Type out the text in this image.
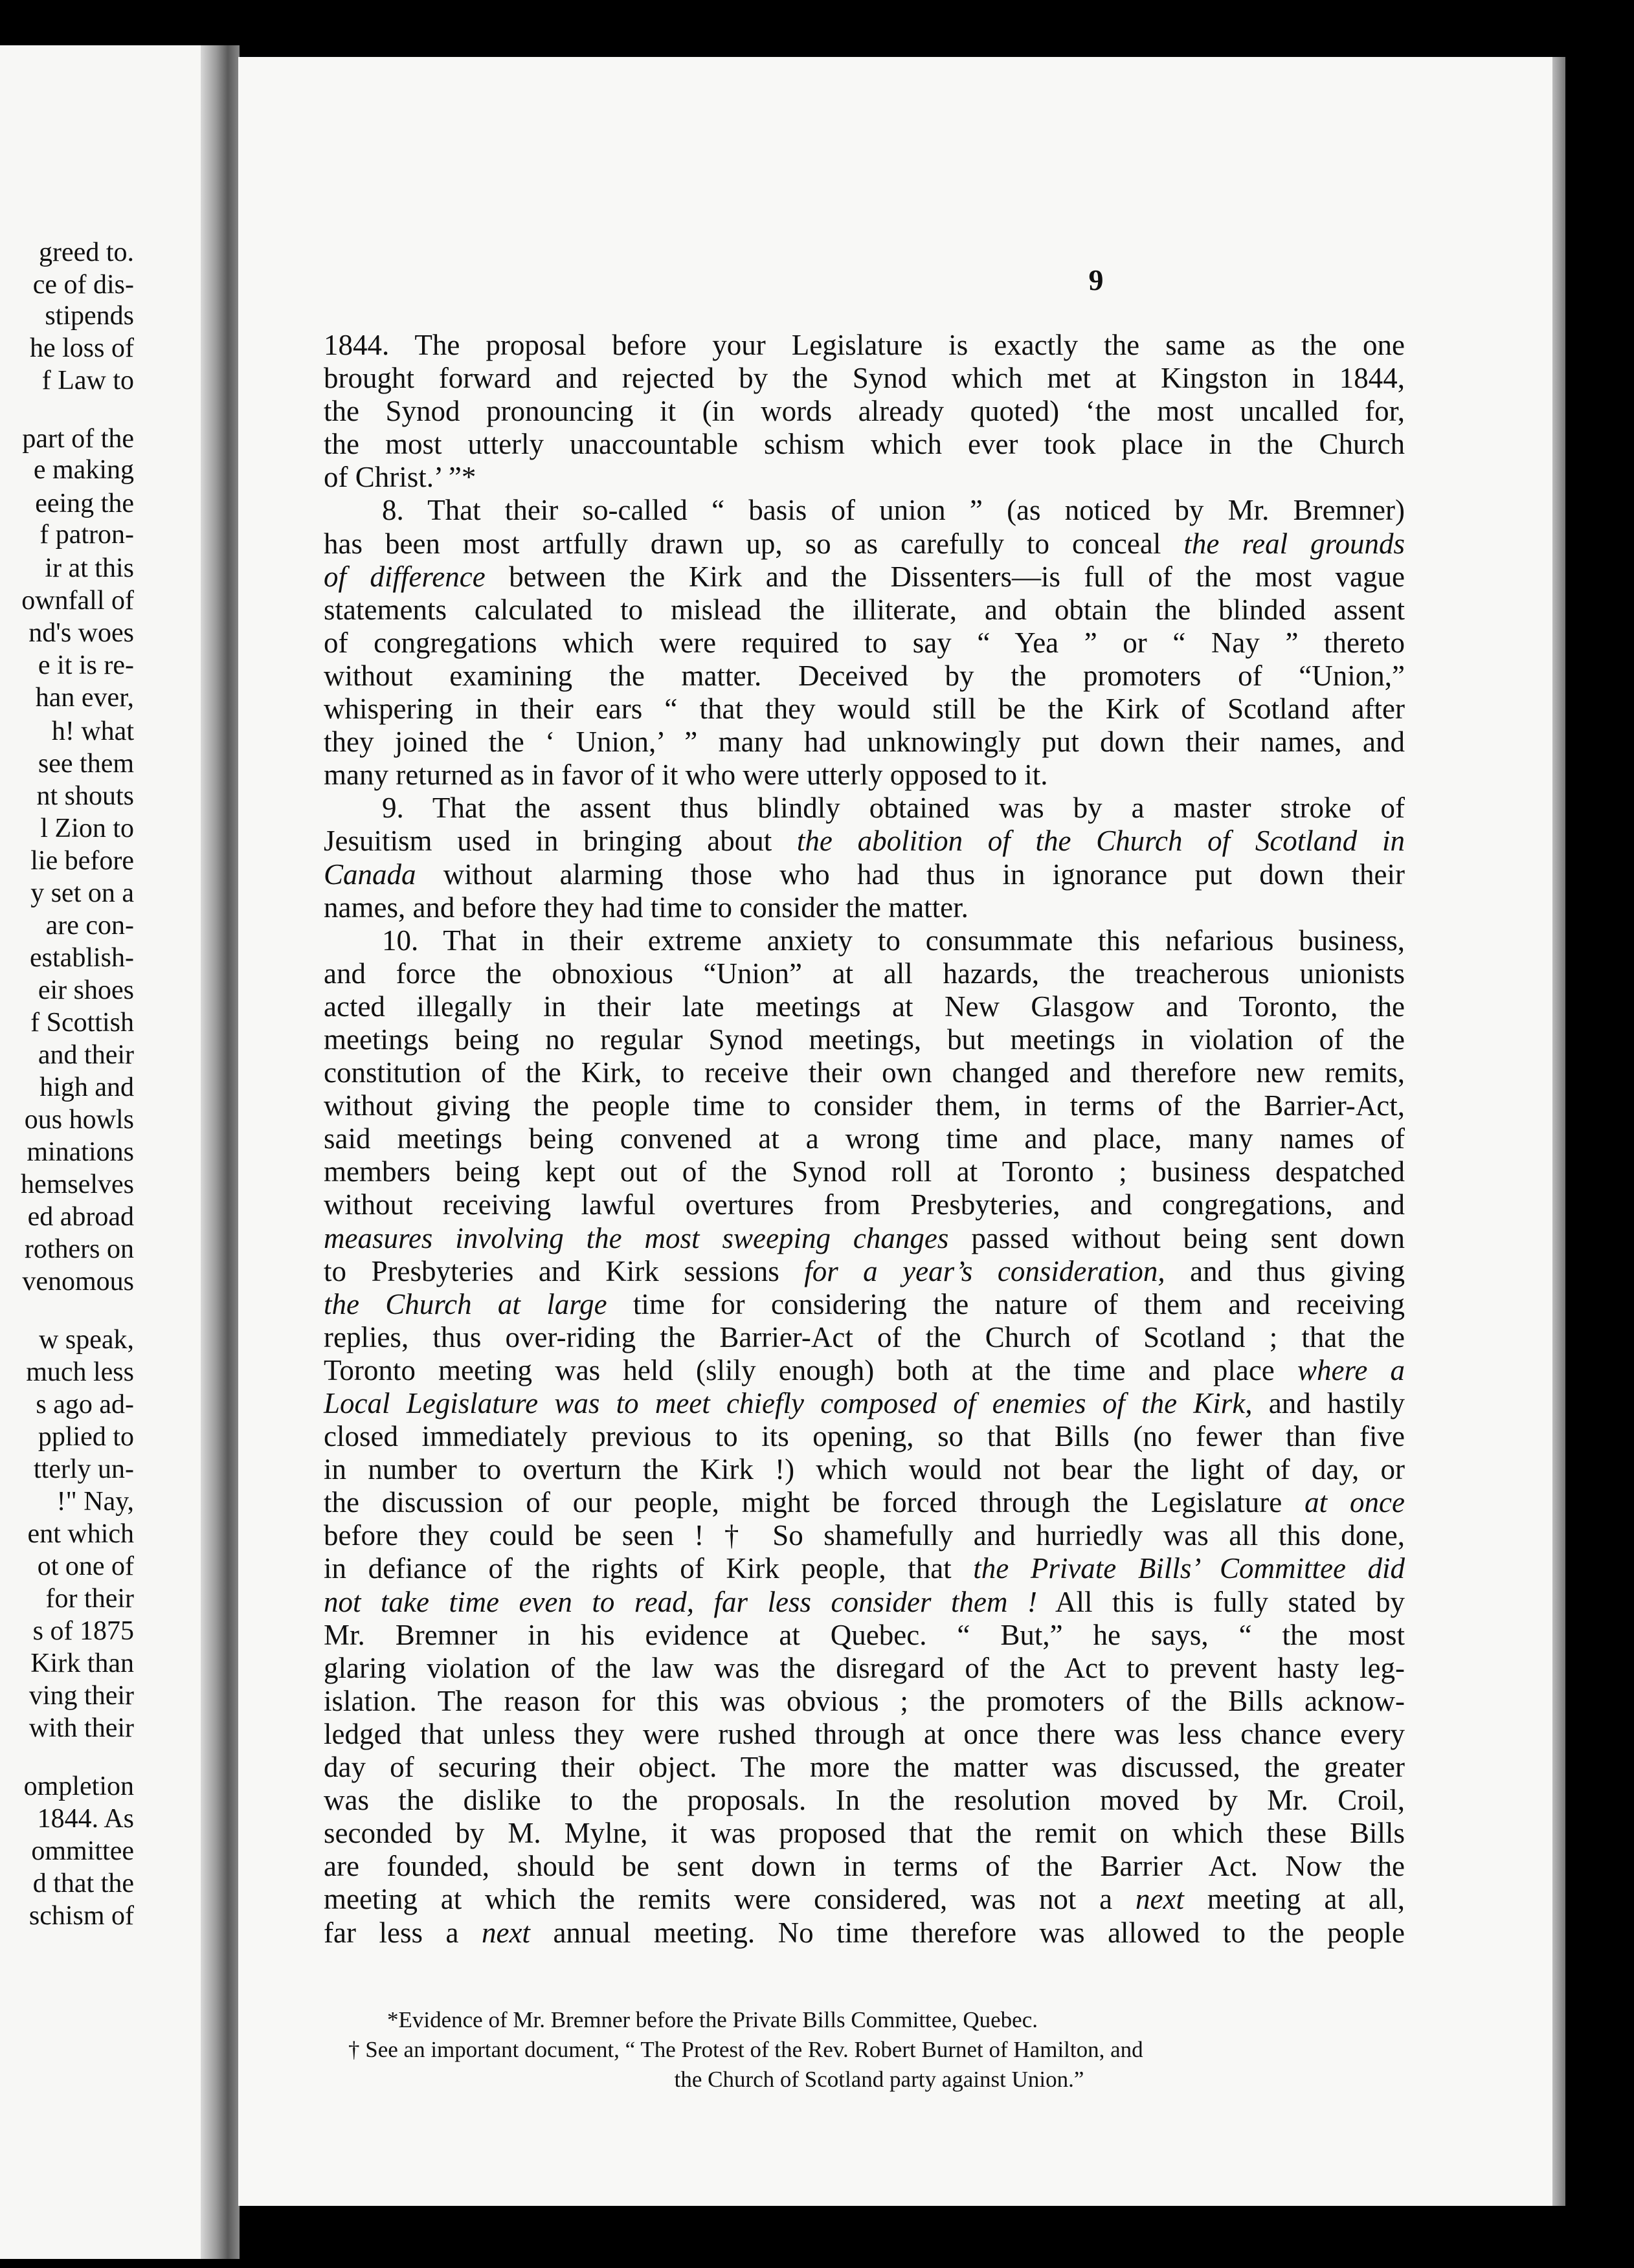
greed to.
ce of dis-
stipends
he loss of
f Law to
part of the
e making
eeing the
f patron-
ir at this
ownfall of
nd's woes
e it is re-
han ever,
h! what
see them
nt shouts
l Zion to
lie before
y set on a
are con-
establish-
eir shoes
f Scottish
and their
high and
ous howls
minations
hemselves
ed abroad
rothers on
venomous
w speak,
much less
s ago ad-
pplied to
tterly un-
!" Nay,
ent which
ot one of
for their
s of 1875
Kirk than
ving their
with their
ompletion
1844. As
ommittee
d that the
schism of
9
1844. The proposal before your Legislature is exactly the same as the one
brought forward and rejected by the Synod which met at Kingston in 1844,
the Synod pronouncing it (in words already quoted) ‘the most uncalled for,
the most utterly unaccountable schism which ever took place in the Church
of Christ.’ ”*
8. That their so-called “ basis of union ” (as noticed by Mr. Bremner)
has been most artfully drawn up, so as carefully to conceal the real grounds
of difference between the Kirk and the Dissenters—is full of the most vague
statements calculated to mislead the illiterate, and obtain the blinded assent
of congregations which were required to say “ Yea ” or “ Nay ” thereto
without examining the matter. Deceived by the promoters of “Union,”
whispering in their ears “ that they would still be the Kirk of Scotland after
they joined the ‘ Union,’ ” many had unknowingly put down their names, and
many returned as in favor of it who were utterly opposed to it.
9. That the assent thus blindly obtained was by a master stroke of
Jesuitism used in bringing about the abolition of the Church of Scotland in
Canada without alarming those who had thus in ignorance put down their
names, and before they had time to consider the matter.
10. That in their extreme anxiety to consummate this nefarious business,
and force the obnoxious “Union” at all hazards, the treacherous unionists
acted illegally in their late meetings at New Glasgow and Toronto, the
meetings being no regular Synod meetings, but meetings in violation of the
constitution of the Kirk, to receive their own changed and therefore new remits,
without giving the people time to consider them, in terms of the Barrier-Act,
said meetings being convened at a wrong time and place, many names of
members being kept out of the Synod roll at Toronto ; business despatched
without receiving lawful overtures from Presbyteries, and congregations, and
measures involving the most sweeping changes passed without being sent down
to Presbyteries and Kirk sessions for a year’s consideration, and thus giving
the Church at large time for considering the nature of them and receiving
replies, thus over-riding the Barrier-Act of the Church of Scotland ; that the
Toronto meeting was held (slily enough) both at the time and place where a
Local Legislature was to meet chiefly composed of enemies of the Kirk, and hastily
closed immediately previous to its opening, so that Bills (no fewer than five
in number to overturn the Kirk !) which would not bear the light of day, or
the discussion of our people, might be forced through the Legislature at once
before they could be seen ! † So shamefully and hurriedly was all this done,
in defiance of the rights of Kirk people, that the Private Bills’ Committee did
not take time even to read, far less consider them ! All this is fully stated by
Mr. Bremner in his evidence at Quebec. “ But,” he says, “ the most
glaring violation of the law was the disregard of the Act to prevent hasty leg-
islation. The reason for this was obvious ; the promoters of the Bills acknow-
ledged that unless they were rushed through at once there was less chance every
day of securing their object. The more the matter was discussed, the greater
was the dislike to the proposals. In the resolution moved by Mr. Croil,
seconded by M. Mylne, it was proposed that the remit on which these Bills
are founded, should be sent down in terms of the Barrier Act. Now the
meeting at which the remits were considered, was not a next meeting at all,
far less a next annual meeting. No time therefore was allowed to the people
*Evidence of Mr. Bremner before the Private Bills Committee, Quebec.
† See an important document, “ The Protest of the Rev. Robert Burnet of Hamilton, and
the Church of Scotland party against Union.”
